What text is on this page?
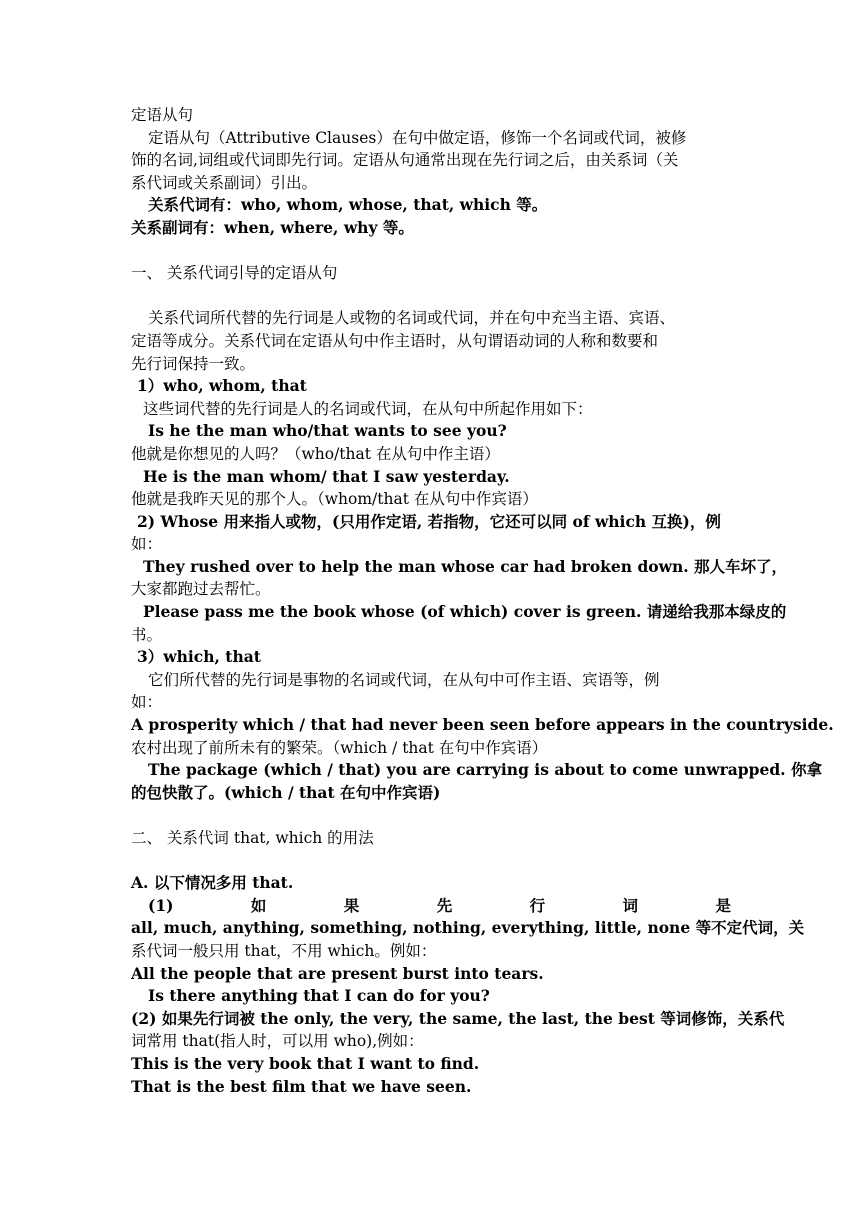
定语从句
定语从句（Attributive Clauses）在句中做定语，修饰一个名词或代词，被修
饰的名词,词组或代词即先行词。定语从句通常出现在先行词之后，由关系词（关
系代词或关系副词）引出。
关系代词有：who, whom, whose, that, which 等。
关系副词有：when, where, why 等。
一、 关系代词引导的定语从句
关系代词所代替的先行词是人或物的名词或代词，并在句中充当主语、宾语、
定语等成分。关系代词在定语从句中作主语时，从句谓语动词的人称和数要和
先行词保持一致。
1）who, whom, that
这些词代替的先行词是人的名词或代词，在从句中所起作用如下：
Is he the man who/that wants to see you?
他就是你想见的人吗？（who/that 在从句中作主语）
He is the man whom/ that I saw yesterday.
他就是我昨天见的那个人。（whom/that 在从句中作宾语）
2) Whose 用来指人或物，(只用作定语, 若指物，它还可以同 of which 互换)，例
如：
They rushed over to help the man whose car had broken down. 那人车坏了，
大家都跑过去帮忙。
Please pass me the book whose (of which) cover is green. 请递给我那本绿皮的
书。
3）which, that
它们所代替的先行词是事物的名词或代词，在从句中可作主语、宾语等，例
如：
A prosperity which / that had never been seen before appears in the countryside.
农村出现了前所未有的繁荣。（which / that 在句中作宾语）
The package (which / that) you are carrying is about to come unwrapped. 你拿
的包快散了。(which / that 在句中作宾语)
二、 关系代词 that, which 的用法
A. 以下情况多用 that.
(1)	如	果	先	行	词	是
all, much, anything, something, nothing, everything, little, none 等不定代词，关
系代词一般只用 that，不用 which。例如：
All the people that are present burst into tears.
Is there anything that I can do for you?
(2) 如果先行词被 the only, the very, the same, the last, the best 等词修饰，关系代
词常用 that(指人时，可以用 who),例如：
This is the very book that I want to find.
That is the best film that we have seen.
